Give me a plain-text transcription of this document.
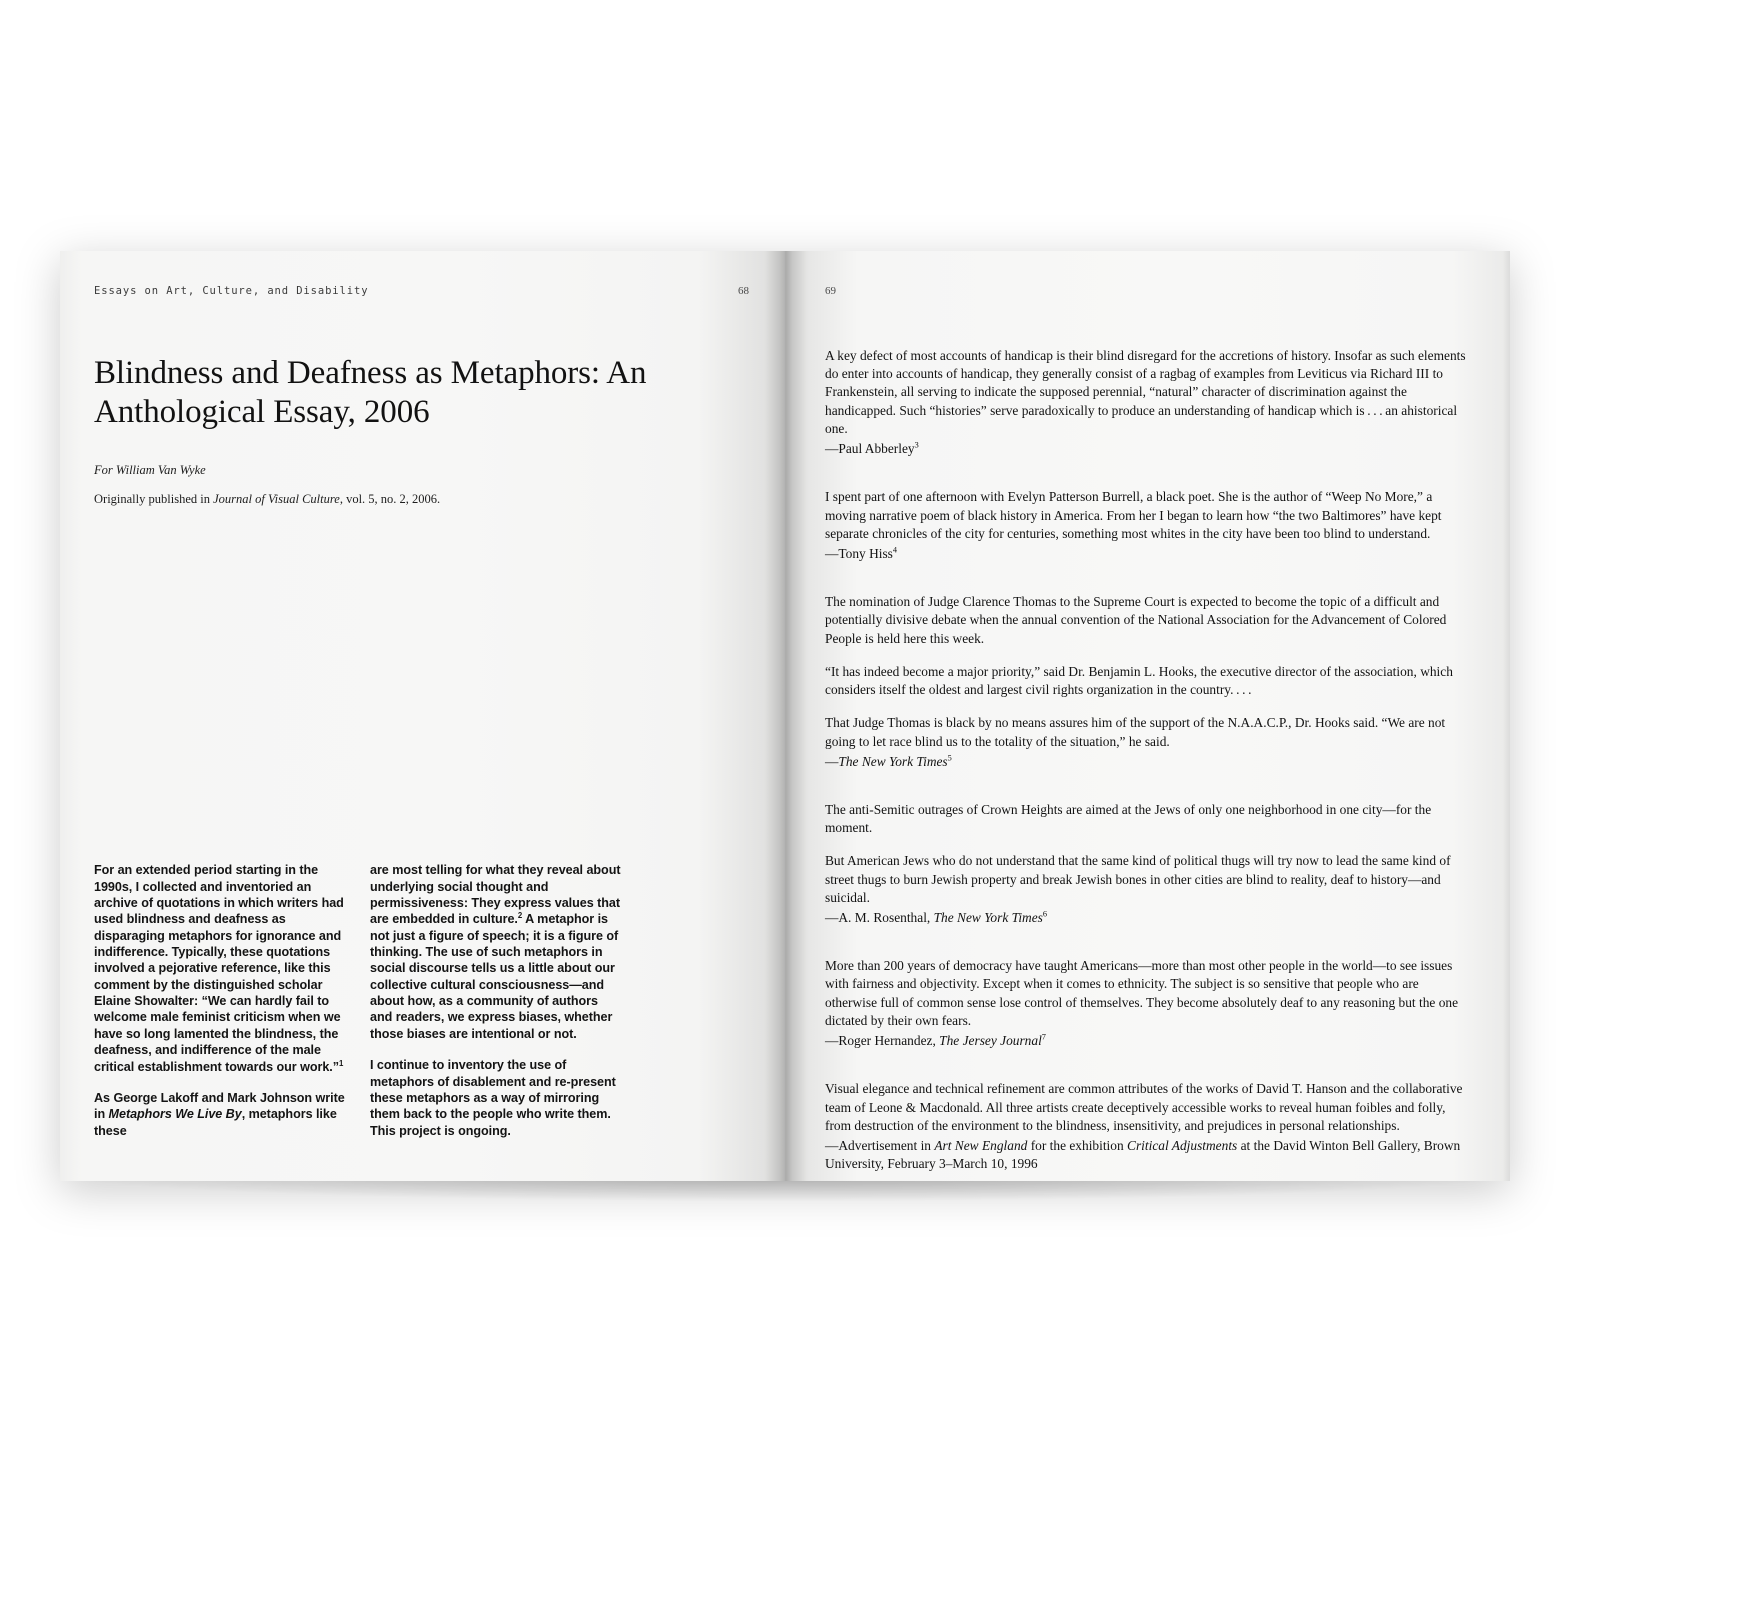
Essays on Art, Culture, and Disability	68
Blindness and Deafness as Metaphors: An Anthological Essay, 2006
For William Van Wyke
Originally published in Journal of Visual Culture, vol. 5, no. 2, 2006.

For an extended period starting in the 1990s, I collected and inventoried an archive of quotations in which writers had used blindness and deafness as disparaging metaphors for ignorance and indifference. Typically, these quotations involved a pejorative reference, like this comment by the distinguished scholar Elaine Showalter: “We can hardly fail to welcome male feminist criticism when we have so long lamented the blindness, the deafness, and indifference of the male critical establishment towards our work.”$^1$

As George Lakoff and Mark Johnson write in Metaphors We Live By, metaphors like these

are most telling for what they reveal about underlying social thought and permissiveness: They express values that are embedded in culture.$^2$ A metaphor is not just a figure of speech; it is a figure of thinking. The use of such metaphors in social discourse tells us a little about our collective cultural consciousness—and about how, as a community of authors and readers, we express biases, whether those biases are intentional or not.

I continue to inventory the use of metaphors of disablement and re-present these metaphors as a way of mirroring them back to the people who write them. This project is ongoing.

69

A key defect of most accounts of handicap is their blind disregard for the accretions of history. Insofar as such elements do enter into accounts of handicap, they generally consist of a ragbag of examples from Leviticus via Richard III to Frankenstein, all serving to indicate the supposed perennial, “natural” character of discrimination against the handicapped. Such “histories” serve paradoxically to produce an understanding of handicap which is . . . an ahistorical one.

—Paul Abberley$^3$

I spent part of one afternoon with Evelyn Patterson Burrell, a black poet. She is the author of “Weep No More,” a moving narrative poem of black history in America. From her I began to learn how “the two Baltimores” have kept separate chronicles of the city for centuries, something most whites in the city have been too blind to understand.

—Tony Hiss$^4$

The nomination of Judge Clarence Thomas to the Supreme Court is expected to become the topic of a difficult and potentially divisive debate when the annual convention of the National Association for the Advancement of Colored People is held here this week.

“It has indeed become a major priority,” said Dr. Benjamin L. Hooks, the executive director of the association, which considers itself the oldest and largest civil rights organization in the country. . . . 

That Judge Thomas is black by no means assures him of the support of the N.A.A.C.P., Dr. Hooks said. “We are not going to let race blind us to the totality of the situation,” he said.

—The New York Times$^5$

The anti-Semitic outrages of Crown Heights are aimed at the Jews of only one neighborhood in one city—for the moment.

But American Jews who do not understand that the same kind of political thugs will try now to lead the same kind of street thugs to burn Jewish property and break Jewish bones in other cities are blind to reality, deaf to history—and suicidal.

—A. M. Rosenthal, The New York Times$^6$

More than 200 years of democracy have taught Americans—more than most other people in the world—to see issues with fairness and objectivity. Except when it comes to ethnicity. The subject is so sensitive that people who are otherwise full of common sense lose control of themselves. They become absolutely deaf to any reasoning but the one dictated by their own fears.

—Roger Hernandez, The Jersey Journal$^7$

Visual elegance and technical refinement are common attributes of the works of David T. Hanson and the collaborative team of Leone & Macdonald. All three artists create deceptively accessible works to reveal human foibles and folly, from destruction of the environment to the blindness, insensitivity, and prejudices in personal relationships.

—Advertisement in Art New England for the exhibition Critical Adjustments at the David Winton Bell Gallery, Brown University, February 3–March 10, 1996
